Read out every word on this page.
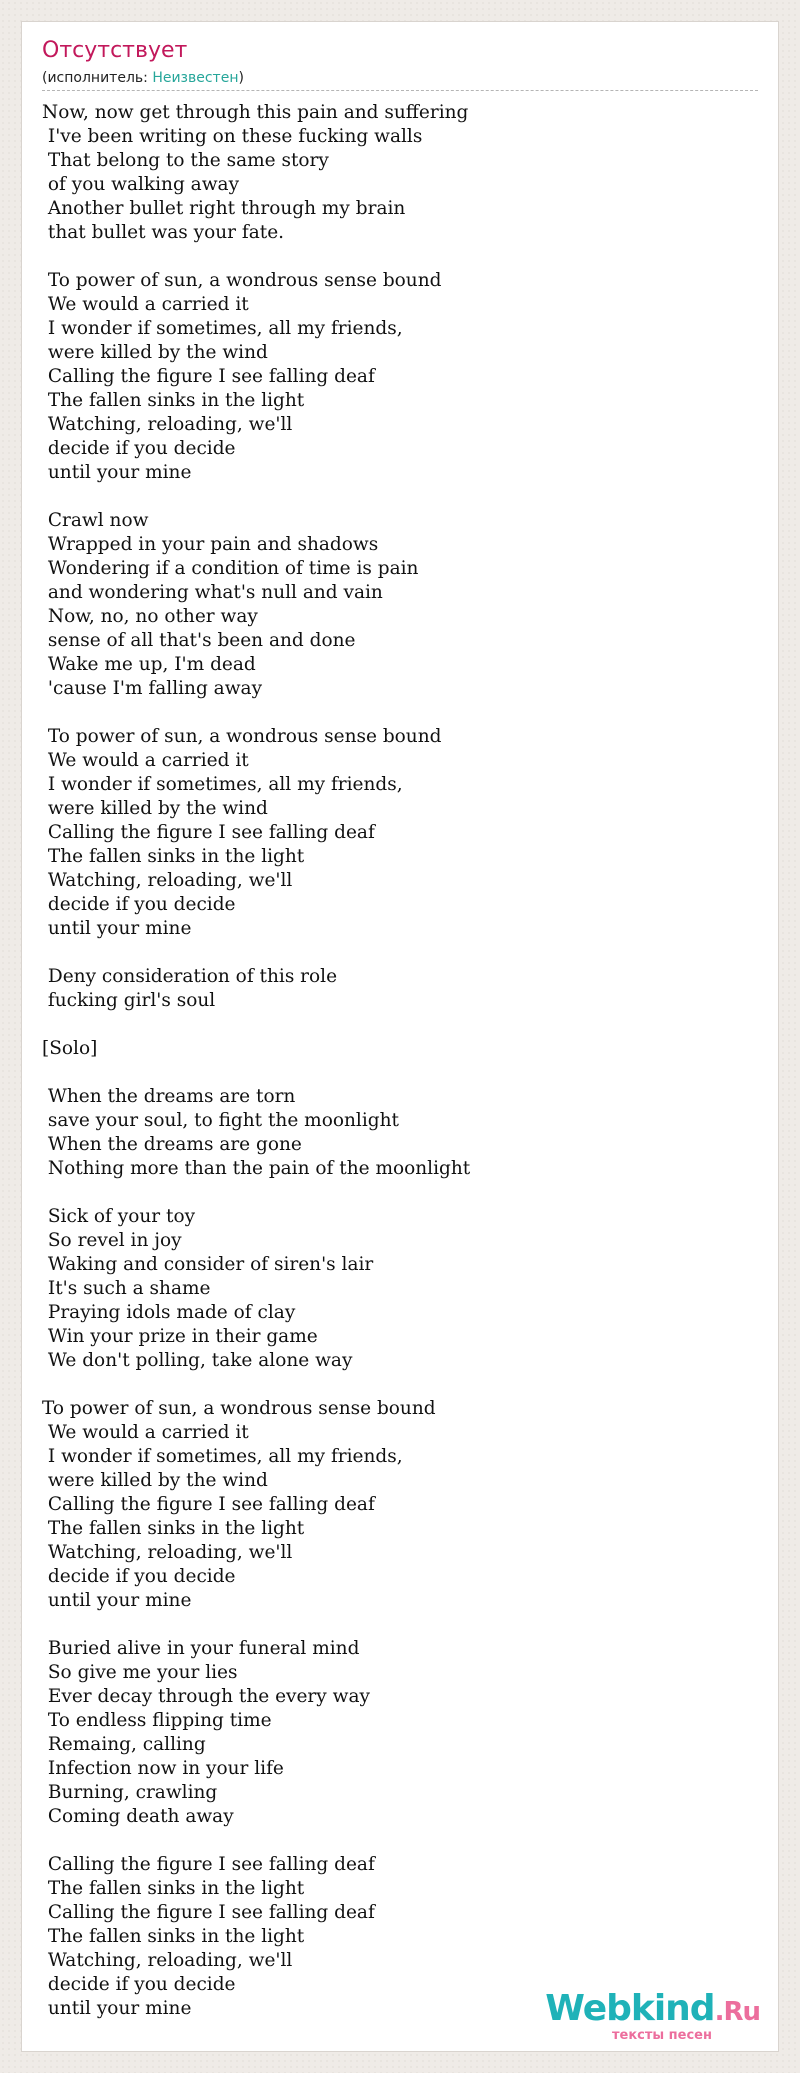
Отсутствует
(исполнитель: Неизвестен)
Now, now get through this pain and suffering
I've been writing on these fucking walls
That belong to the same story
of you walking away
Another bullet right through my brain
that bullet was your fate.

To power of sun, a wondrous sense bound
We would a carried it
I wonder if sometimes, all my friends,
were killed by the wind
Calling the figure I see falling deaf
The fallen sinks in the light
Watching, reloading, we'll
decide if you decide
until your mine

Crawl now
Wrapped in your pain and shadows
Wondering if a condition of time is pain
and wondering what's null and vain
Now, no, no other way
sense of all that's been and done
Wake me up, I'm dead
'cause I'm falling away

To power of sun, a wondrous sense bound
We would a carried it
I wonder if sometimes, all my friends,
were killed by the wind
Calling the figure I see falling deaf
The fallen sinks in the light
Watching, reloading, we'll
decide if you decide
until your mine

Deny consideration of this role
fucking girl's soul

[Solo]

When the dreams are torn
save your soul, to fight the moonlight
When the dreams are gone
Nothing more than the pain of the moonlight

Sick of your toy
So revel in joy
Waking and consider of siren's lair
It's such a shame
Praying idols made of clay
Win your prize in their game
We don't polling, take alone way

To power of sun, a wondrous sense bound
We would a carried it
I wonder if sometimes, all my friends,
were killed by the wind
Calling the figure I see falling deaf
The fallen sinks in the light
Watching, reloading, we'll
decide if you decide
until your mine

Buried alive in your funeral mind
So give me your lies
Ever decay through the every way
To endless flipping time
Remaing, calling
Infection now in your life
Burning, crawling
Coming death away

Calling the figure I see falling deaf
The fallen sinks in the light
Calling the figure I see falling deaf
The fallen sinks in the light
Watching, reloading, we'll
decide if you decide
until your mine	Webkind.Ru
тексты песен
